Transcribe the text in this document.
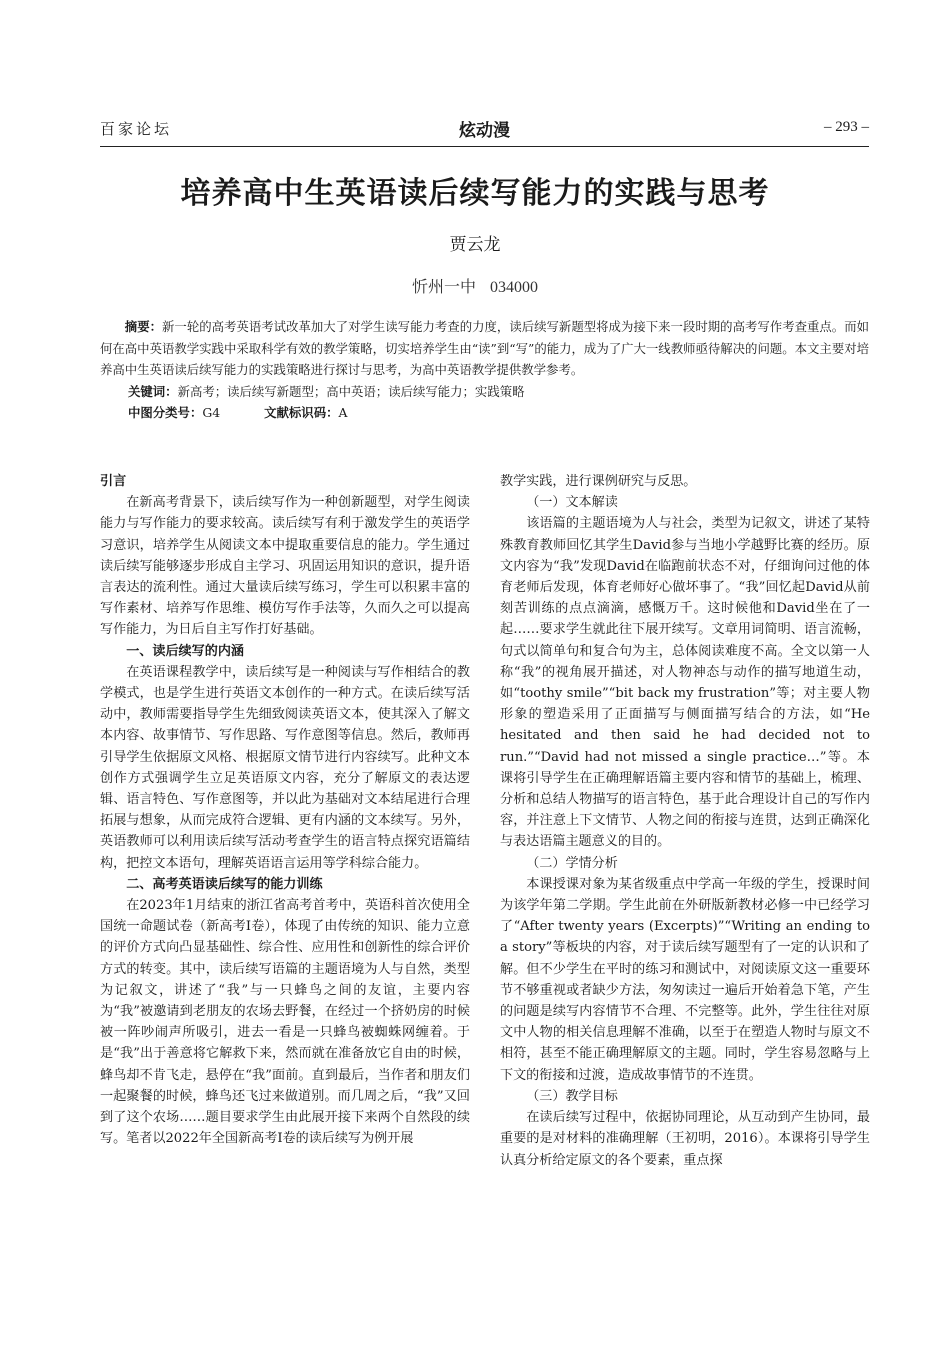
百家论坛	炫动漫	– 293 –
培养高中生英语读后续写能力的实践与思考
贾云龙
忻州一中 034000
摘要：新一轮的高考英语考试改革加大了对学生读写能力考查的力度，读后续写新题型将成为接下来一段时期的高考写作考查重点。而如何在高中英语教学实践中采取科学有效的教学策略，切实培养学生由“读”到“写”的能力，成为了广大一线教师亟待解决的问题。本文主要对培养高中生英语读后续写能力的实践策略进行探讨与思考，为高中英语教学提供教学参考。
关键词：新高考；读后续写新题型；高中英语；读后续写能力；实践策略
中图分类号：G4	文献标识码：A
引言

在新高考背景下，读后续写作为一种创新题型，对学生阅读能力与写作能力的要求较高。读后续写有利于激发学生的英语学习意识，培养学生从阅读文本中提取重要信息的能力。学生通过读后续写能够逐步形成自主学习、巩固运用知识的意识，提升语言表达的流利性。通过大量读后续写练习，学生可以积累丰富的写作素材、培养写作思维、模仿写作手法等，久而久之可以提高写作能力，为日后自主写作打好基础。

一、读后续写的内涵

在英语课程教学中，读后续写是一种阅读与写作相结合的教学模式，也是学生进行英语文本创作的一种方式。在读后续写活动中，教师需要指导学生先细致阅读英语文本，使其深入了解文本内容、故事情节、写作思路、写作意图等信息。然后，教师再引导学生依据原文风格、根据原文情节进行内容续写。此种文本创作方式强调学生立足英语原文内容，充分了解原文的表达逻辑、语言特色、写作意图等，并以此为基础对文本结尾进行合理拓展与想象，从而完成符合逻辑、更有内涵的文本续写。另外，英语教师可以利用读后续写活动考查学生的语言特点探究语篇结构，把控文本语句，理解英语语言运用等学科综合能力。

二、高考英语读后续写的能力训练

在2023年1月结束的浙江省高考首考中，英语科首次使用全国统一命题试卷（新高考I卷），体现了由传统的知识、能力立意的评价方式向凸显基础性、综合性、应用性和创新性的综合评价方式的转变。其中，读后续写语篇的主题语境为人与自然，类型为记叙文，讲述了“我”与一只蜂鸟之间的友谊，主要内容为“我”被邀请到老朋友的农场去野餐，在经过一个挤奶房的时候被一阵吵闹声所吸引，进去一看是一只蜂鸟被蜘蛛网缠着。于是“我”出于善意将它解救下来，然而就在准备放它自由的时候，蜂鸟却不肯飞走，悬停在“我”面前。直到最后，当作者和朋友们一起聚餐的时候，蜂鸟还飞过来做道别。而几周之后，“我”又回到了这个农场……题目要求学生由此展开接下来两个自然段的续写。笔者以2022年全国新高考I卷的读后续写为例开展

教学实践，进行课例研究与反思。

（一）文本解读

该语篇的主题语境为人与社会，类型为记叙文，讲述了某特殊教育教师回忆其学生David参与当地小学越野比赛的经历。原文内容为“我”发现David在临跑前状态不对，仔细询问过他的体育老师后发现，体育老师好心做坏事了。“我”回忆起David从前刻苦训练的点点滴滴，感慨万千。这时候他和David坐在了一起……要求学生就此往下展开续写。文章用词简明、语言流畅，句式以简单句和复合句为主，总体阅读难度不高。全文以第一人称“我”的视角展开描述，对人物神态与动作的描写地道生动，如“toothy smile”“bit back my frustration”等；对主要人物形象的塑造采用了正面描写与侧面描写结合的方法，如“He hesitated and then said he had decided not to run.”“David had not missed a single practice…”等。本课将引导学生在正确理解语篇主要内容和情节的基础上，梳理、分析和总结人物描写的语言特色，基于此合理设计自己的写作内容，并注意上下文情节、人物之间的衔接与连贯，达到正确深化与表达语篇主题意义的目的。

（二）学情分析

本课授课对象为某省级重点中学高一年级的学生，授课时间为该学年第二学期。学生此前在外研版新教材必修一中已经学习了“After twenty years (Excerpts)”“Writing an ending to a story”等板块的内容，对于读后续写题型有了一定的认识和了解。但不少学生在平时的练习和测试中，对阅读原文这一重要环节不够重视或者缺少方法，匆匆读过一遍后开始着急下笔，产生的问题是续写内容情节不合理、不完整等。此外，学生往往对原文中人物的相关信息理解不准确，以至于在塑造人物时与原文不相符，甚至不能正确理解原文的主题。同时，学生容易忽略与上下文的衔接和过渡，造成故事情节的不连贯。

（三）教学目标

在读后续写过程中，依据协同理论，从互动到产生协同，最重要的是对材料的准确理解（王初明，2016）。本课将引导学生认真分析给定原文的各个要素，重点探
